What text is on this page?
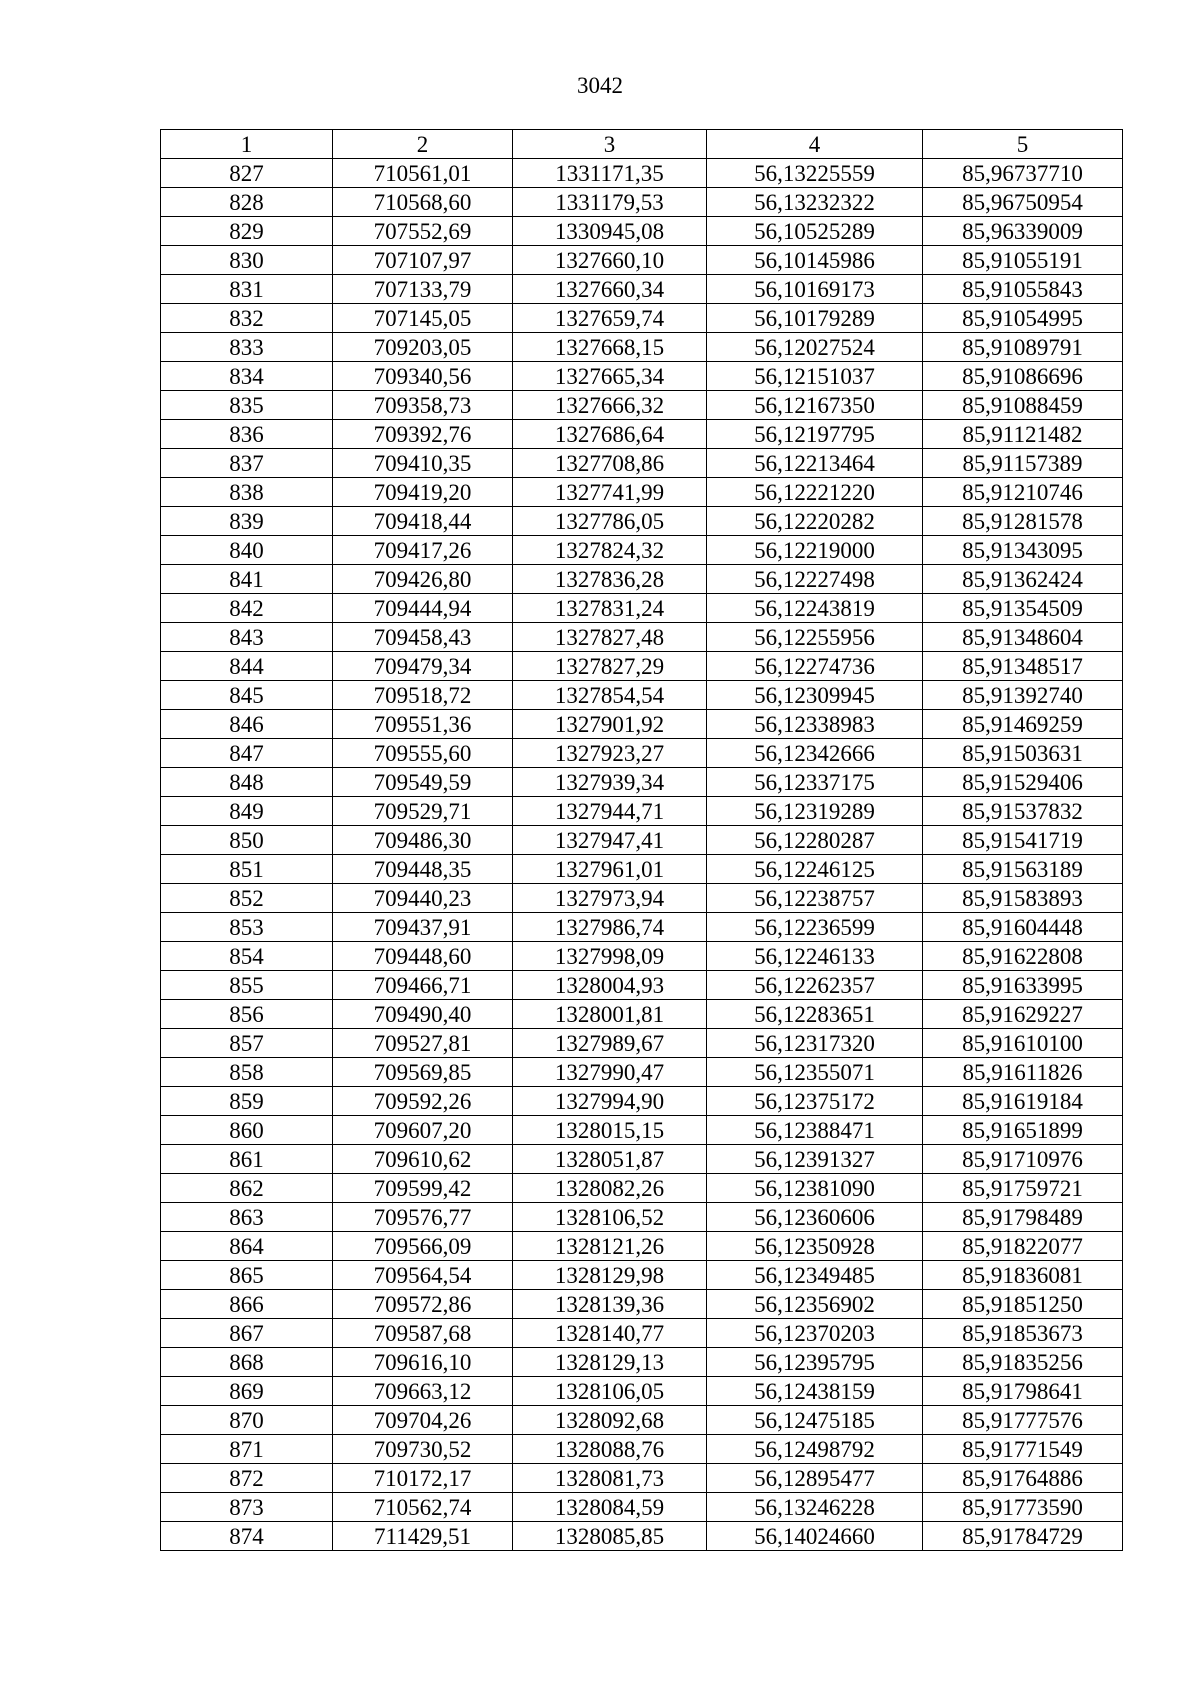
3042
1	2	3	4	5
827	710561,01	1331171,35	56,13225559	85,96737710
828	710568,60	1331179,53	56,13232322	85,96750954
829	707552,69	1330945,08	56,10525289	85,96339009
830	707107,97	1327660,10	56,10145986	85,91055191
831	707133,79	1327660,34	56,10169173	85,91055843
832	707145,05	1327659,74	56,10179289	85,91054995
833	709203,05	1327668,15	56,12027524	85,91089791
834	709340,56	1327665,34	56,12151037	85,91086696
835	709358,73	1327666,32	56,12167350	85,91088459
836	709392,76	1327686,64	56,12197795	85,91121482
837	709410,35	1327708,86	56,12213464	85,91157389
838	709419,20	1327741,99	56,12221220	85,91210746
839	709418,44	1327786,05	56,12220282	85,91281578
840	709417,26	1327824,32	56,12219000	85,91343095
841	709426,80	1327836,28	56,12227498	85,91362424
842	709444,94	1327831,24	56,12243819	85,91354509
843	709458,43	1327827,48	56,12255956	85,91348604
844	709479,34	1327827,29	56,12274736	85,91348517
845	709518,72	1327854,54	56,12309945	85,91392740
846	709551,36	1327901,92	56,12338983	85,91469259
847	709555,60	1327923,27	56,12342666	85,91503631
848	709549,59	1327939,34	56,12337175	85,91529406
849	709529,71	1327944,71	56,12319289	85,91537832
850	709486,30	1327947,41	56,12280287	85,91541719
851	709448,35	1327961,01	56,12246125	85,91563189
852	709440,23	1327973,94	56,12238757	85,91583893
853	709437,91	1327986,74	56,12236599	85,91604448
854	709448,60	1327998,09	56,12246133	85,91622808
855	709466,71	1328004,93	56,12262357	85,91633995
856	709490,40	1328001,81	56,12283651	85,91629227
857	709527,81	1327989,67	56,12317320	85,91610100
858	709569,85	1327990,47	56,12355071	85,91611826
859	709592,26	1327994,90	56,12375172	85,91619184
860	709607,20	1328015,15	56,12388471	85,91651899
861	709610,62	1328051,87	56,12391327	85,91710976
862	709599,42	1328082,26	56,12381090	85,91759721
863	709576,77	1328106,52	56,12360606	85,91798489
864	709566,09	1328121,26	56,12350928	85,91822077
865	709564,54	1328129,98	56,12349485	85,91836081
866	709572,86	1328139,36	56,12356902	85,91851250
867	709587,68	1328140,77	56,12370203	85,91853673
868	709616,10	1328129,13	56,12395795	85,91835256
869	709663,12	1328106,05	56,12438159	85,91798641
870	709704,26	1328092,68	56,12475185	85,91777576
871	709730,52	1328088,76	56,12498792	85,91771549
872	710172,17	1328081,73	56,12895477	85,91764886
873	710562,74	1328084,59	56,13246228	85,91773590
874	711429,51	1328085,85	56,14024660	85,91784729
